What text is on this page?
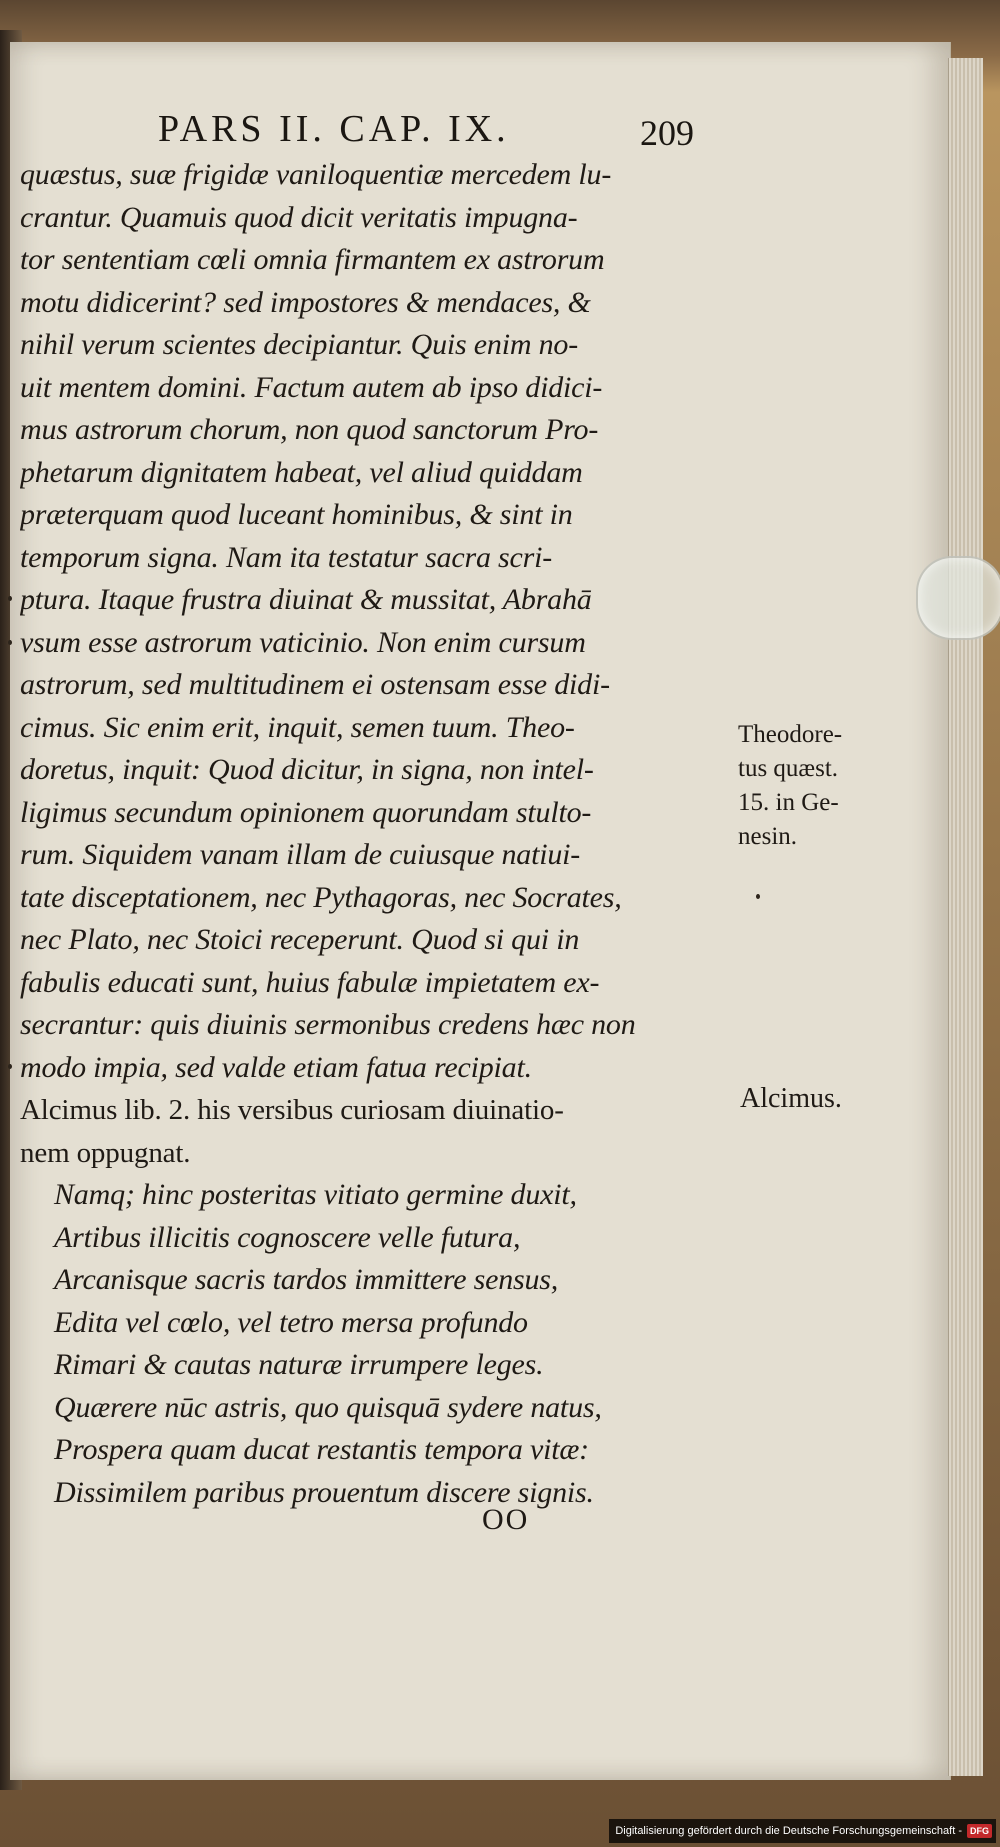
PARS II. CAP. IX.	209
quæstus, suæ frigidæ vaniloquentiæ mercedem lu-
crantur. Quamuis quod dicit veritatis impugna-
tor sententiam cœli omnia firmantem ex astrorum
motu didicerint? sed impostores & mendaces, &
nihil verum scientes decipiantur. Quis enim no-
uit mentem domini. Factum autem ab ipso didici-
mus astrorum chorum, non quod sanctorum Pro-
phetarum dignitatem habeat, vel aliud quiddam
præterquam quod luceant hominibus, & sint in
temporum signa. Nam ita testatur sacra scri-
ptura. Itaque frustra diuinat & mussitat, Abrahā
vsum esse astrorum vaticinio. Non enim cursum
astrorum, sed multitudinem ei ostensam esse didi-
cimus. Sic enim erit, inquit, semen tuum. Theo-
doretus, inquit: Quod dicitur, in signa, non intel-
ligimus secundum opinionem quorundam stulto-
rum. Siquidem vanam illam de cuiusque natiui-
tate disceptationem, nec Pythagoras, nec Socrates,
nec Plato, nec Stoici receperunt. Quod si qui in
fabulis educati sunt, huius fabulæ impietatem ex-
secrantur: quis diuinis sermonibus credens hæc non
modo impia, sed valde etiam fatua recipiat.
Alcimus lib. 2. his versibus curiosam diuinatio-
nem oppugnat.
Namq; hinc posteritas vitiato germine duxit,
Artibus illicitis cognoscere velle futura,
Arcanisque sacris tardos immittere sensus,
Edita vel cœlo, vel tetro mersa profundo
Rimari & cautas naturæ irrumpere leges.
Quærere nūc astris, quo quisquā sydere natus,
Prospera quam ducat restantis tempora vitæ:
Dissimilem paribus prouentum discere signis.
Theodore-
tus quæst.
15. in Ge-
nesin.
Alcimus.
OO
Digitalisierung gefördert durch die Deutsche Forschungsgemeinschaft - DFG
